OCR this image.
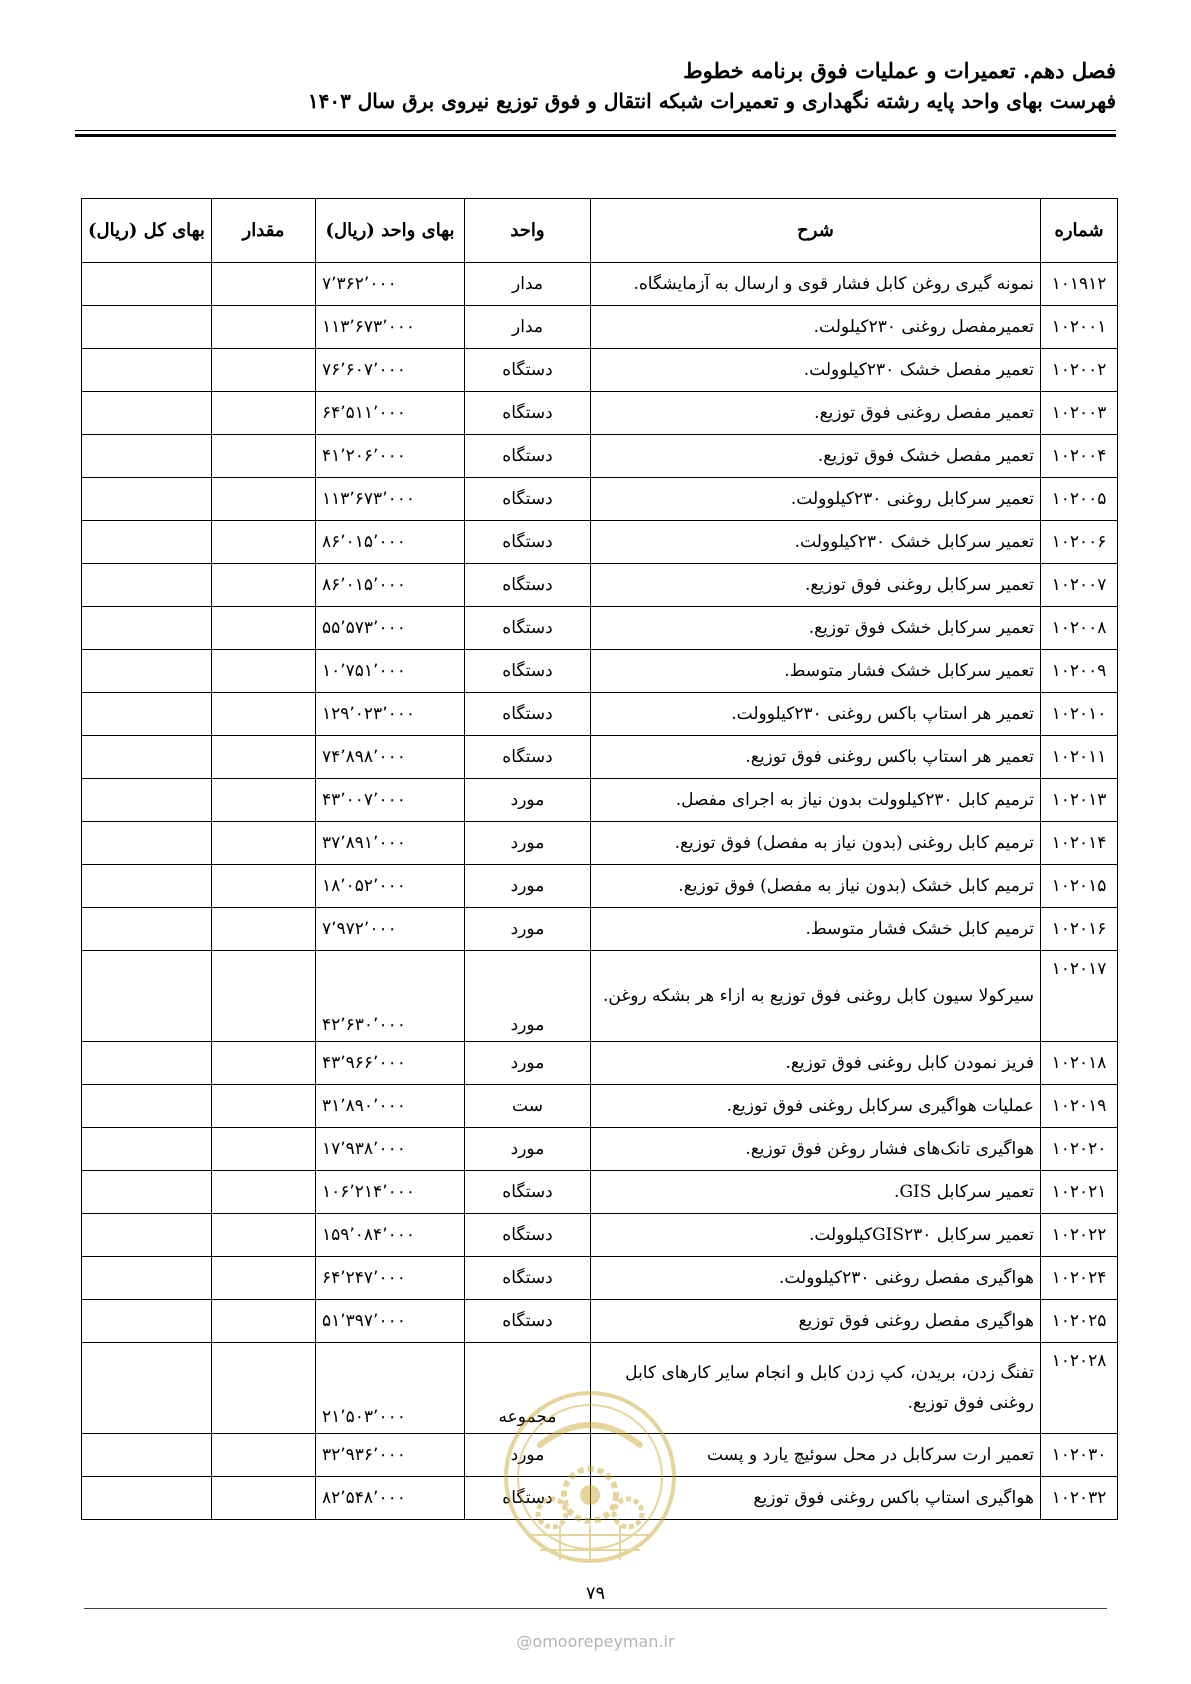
فصل دهم. تعمیرات و عملیات فوق برنامه خطوط
فهرست بهای واحد پایه رشته نگهداری و تعمیرات شبکه انتقال و فوق توزیع نیروی برق سال ۱۴۰۳
شماره	شرح	واحد	بهای واحد (ریال)	مقدار	بهای کل (ریال)
۱۰۱۹۱۲	نمونه گیری روغن کابل فشار قوی و ارسال به آزمایشگاه.	مدار	۷٬۳۶۲٬۰۰۰		
۱۰۲۰۰۱	تعمیرمفصل روغنی ۲۳۰کیلولت.	مدار	۱۱۳٬۶۷۳٬۰۰۰		
۱۰۲۰۰۲	تعمیر مفصل خشک ۲۳۰کیلوولت.	دستگاه	۷۶٬۶۰۷٬۰۰۰		
۱۰۲۰۰۳	تعمیر مفصل روغنی فوق توزیع.	دستگاه	۶۴٬۵۱۱٬۰۰۰		
۱۰۲۰۰۴	تعمیر مفصل خشک فوق توزیع.	دستگاه	۴۱٬۲۰۶٬۰۰۰		
۱۰۲۰۰۵	تعمیر سرکابل روغنی ۲۳۰کیلوولت.	دستگاه	۱۱۳٬۶۷۳٬۰۰۰		
۱۰۲۰۰۶	تعمیر سرکابل خشک ۲۳۰کیلوولت.	دستگاه	۸۶٬۰۱۵٬۰۰۰		
۱۰۲۰۰۷	تعمیر سرکابل روغنی فوق توزیع.	دستگاه	۸۶٬۰۱۵٬۰۰۰		
۱۰۲۰۰۸	تعمیر سرکابل خشک فوق توزیع.	دستگاه	۵۵٬۵۷۳٬۰۰۰		
۱۰۲۰۰۹	تعمیر سرکابل خشک فشار متوسط.	دستگاه	۱۰٬۷۵۱٬۰۰۰		
۱۰۲۰۱۰	تعمیر هر استاپ باکس روغنی ۲۳۰کیلوولت.	دستگاه	۱۲۹٬۰۲۳٬۰۰۰		
۱۰۲۰۱۱	تعمیر هر استاپ باکس روغنی فوق توزیع.	دستگاه	۷۴٬۸۹۸٬۰۰۰		
۱۰۲۰۱۳	ترمیم کابل ۲۳۰کیلوولت بدون نیاز به اجرای مفصل.	مورد	۴۳٬۰۰۷٬۰۰۰		
۱۰۲۰۱۴	ترمیم کابل روغنی (بدون نیاز به مفصل) فوق توزیع.	مورد	۳۷٬۸۹۱٬۰۰۰		
۱۰۲۰۱۵	ترمیم کابل خشک (بدون نیاز به مفصل) فوق توزیع.	مورد	۱۸٬۰۵۲٬۰۰۰		
۱۰۲۰۱۶	ترمیم کابل خشک فشار متوسط.	مورد	۷٬۹۷۲٬۰۰۰		
۱۰۲۰۱۷	سیرکولا سیون کابل روغنی فوق توزیع به ازاء هر بشکه روغن.	مورد	۴۲٬۶۳۰٬۰۰۰		
۱۰۲۰۱۸	فریز نمودن کابل روغنی فوق توزیع.	مورد	۴۳٬۹۶۶٬۰۰۰		
۱۰۲۰۱۹	عملیات هواگیری سرکابل روغنی فوق توزیع.	ست	۳۱٬۸۹۰٬۰۰۰		
۱۰۲۰۲۰	هواگیری تانک‌های فشار روغن فوق توزیع.	مورد	۱۷٬۹۳۸٬۰۰۰		
۱۰۲۰۲۱	تعمیر سرکابل GIS.	دستگاه	۱۰۶٬۲۱۴٬۰۰۰		
۱۰۲۰۲۲	تعمیر سرکابل GIS۲۳۰کیلوولت.	دستگاه	۱۵۹٬۰۸۴٬۰۰۰		
۱۰۲۰۲۴	هواگیری مفصل روغنی ۲۳۰کیلوولت.	دستگاه	۶۴٬۲۴۷٬۰۰۰		
۱۰۲۰۲۵	هواگیری مفصل روغنی فوق توزیع	دستگاه	۵۱٬۳۹۷٬۰۰۰		
۱۰۲۰۲۸	تفنگ زدن، بریدن، کپ زدن کابل و انجام سایر کارهای کابل روغنی فوق توزیع.	مجموعه	۲۱٬۵۰۳٬۰۰۰		
۱۰۲۰۳۰	تعمیر ارت سرکابل در محل سوئیچ یارد و پست	مورد	۳۲٬۹۳۶٬۰۰۰		
۱۰۲۰۳۲	هواگیری استاپ باکس روغنی فوق توزیع	دستگاه	۸۲٬۵۴۸٬۰۰۰		
۷۹
@omoorepeyman.ir
